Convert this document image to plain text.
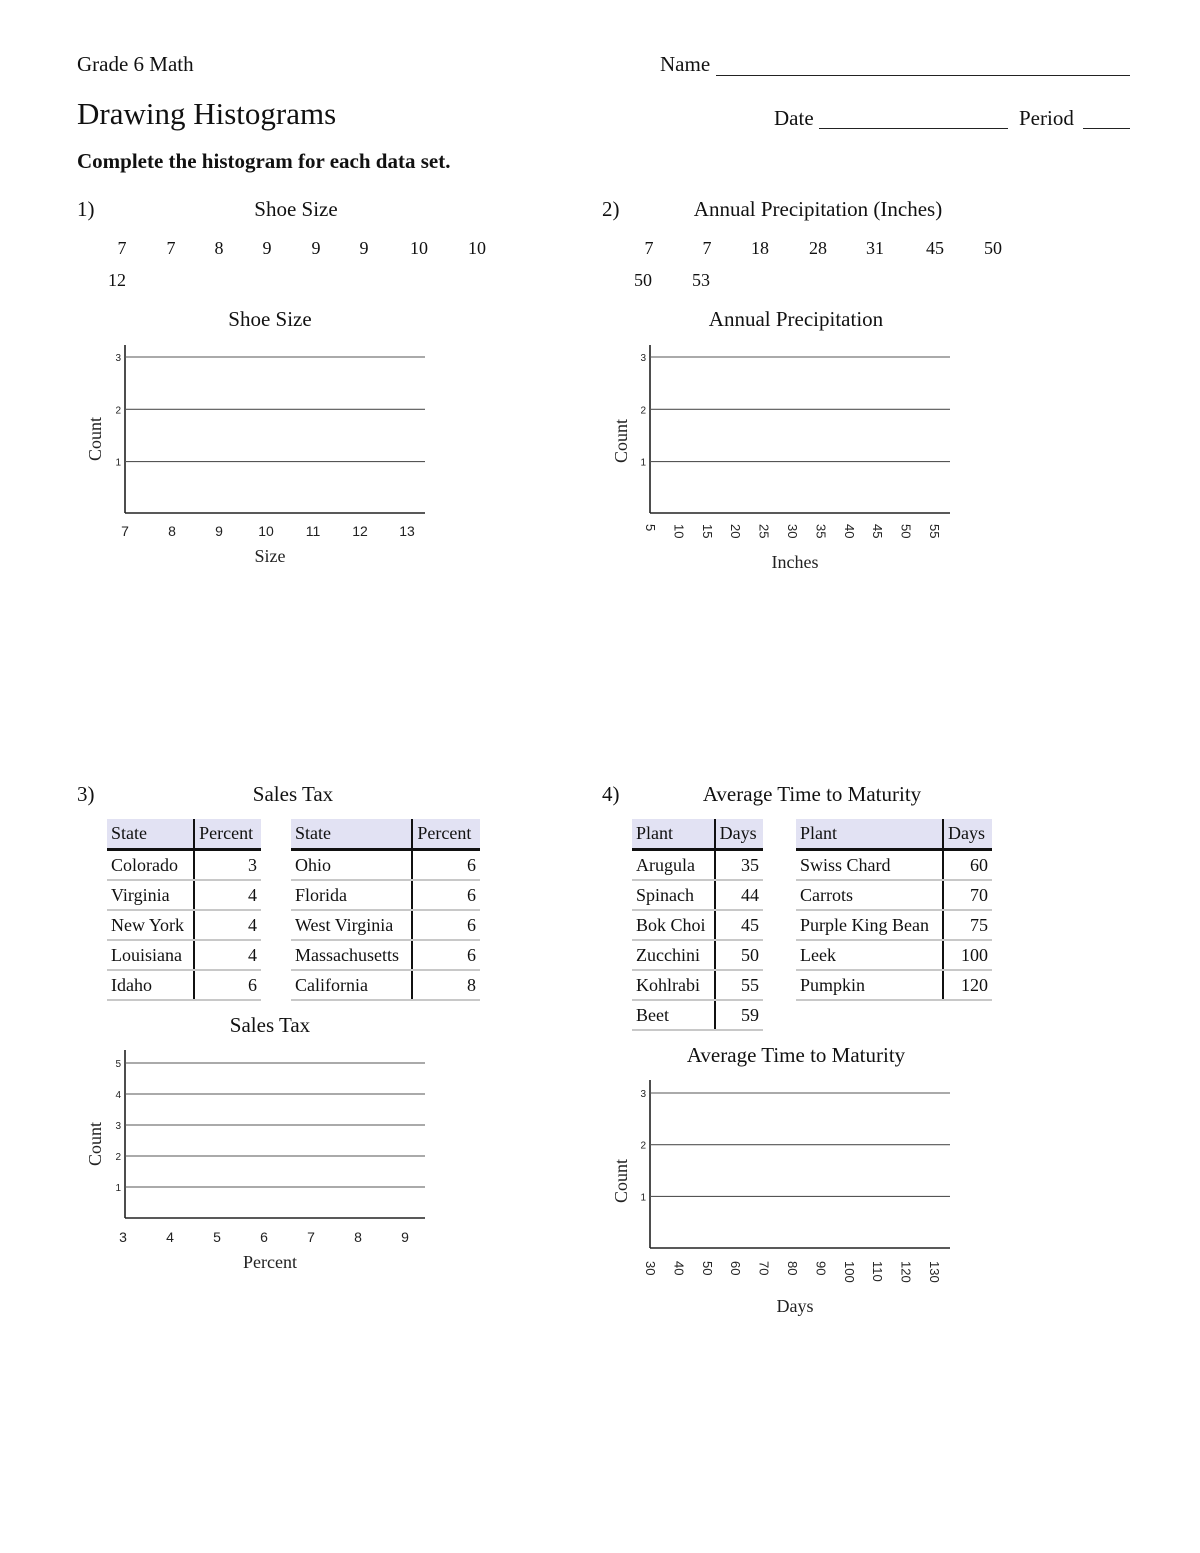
Grade 6 Math
Drawing Histograms
Complete the histogram for each data set.
Name
Date	Period
1)	Shoe Size
7	7	8	9	9	9	10	10
12
2)	Annual Precipitation (Inches)
7	7	18	28	31	45	50
50	53
3)	Sales Tax
State	Percent
Colorado	3
Virginia	4
New York	4
Louisiana	4
Idaho	6
State	Percent
Ohio	6
Florida	6
West Virginia	6
Massachusetts	6
California	8
4)	Average Time to Maturity
Plant	Days
Arugula	35
Spinach	44
Bok Choi	45
Zucchini	50
Kohlrabi	55
Beet	59
Plant	Days
Swiss Chard	60
Carrots	70
Purple King Bean	75
Leek	100
Pumpkin	120
Shoe Size
3
2
1
7	8	9	10 11 12 13
Size
Count
Annual Precipitation
3
2
1
5 10 15 20 25 30 35 40 45 50 55
Inches
Count
Sales Tax
5
4
3
2
1
3	4	5	6	7	8	9
Percent
Count
Average Time to Maturity
3
2
1
30 40 50 60 70 80 90 100 110 120 130
Days
Count
